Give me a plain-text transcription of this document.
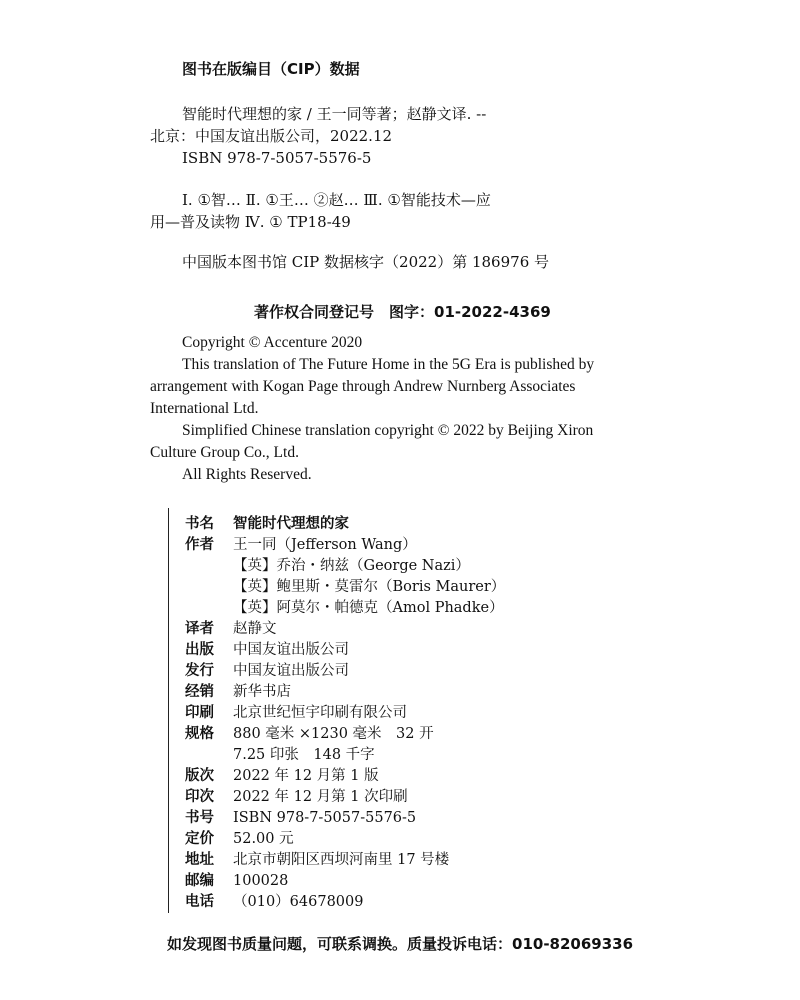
图书在版编目（CIP）数据
智能时代理想的家 / 王一同等著；赵静文译. --
北京：中国友谊出版公司，2022.12
ISBN 978-7-5057-5576-5
Ⅰ. ①智… Ⅱ. ①王… ②赵… Ⅲ. ①智能技术—应
用—普及读物 Ⅳ. ① TP18-49
中国版本图书馆 CIP 数据核字（2022）第 186976 号
著作权合同登记号　图字：01-2022-4369
Copyright © Accenture 2020
This translation of The Future Home in the 5G Era is published by
arrangement with Kogan Page through Andrew Nurnberg Associates
International Ltd.
Simplified Chinese translation copyright © 2022 by Beijing Xiron
Culture Group Co., Ltd.
All Rights Reserved.
书名 智能时代理想的家
作者 王一同（Jefferson Wang）
【英】乔治・纳兹（George Nazi）
【英】鲍里斯・莫雷尔（Boris Maurer）
【英】阿莫尔・帕德克（Amol Phadke）
译者 赵静文
出版 中国友谊出版公司
发行 中国友谊出版公司
经销 新华书店
印刷 北京世纪恒宇印刷有限公司
规格 880 毫米 ×1230 毫米　32 开
7.25 印张　148 千字
版次 2022 年 12 月第 1 版
印次 2022 年 12 月第 1 次印刷
书号 ISBN 978-7-5057-5576-5
定价 52.00 元
地址 北京市朝阳区西坝河南里 17 号楼
邮编 100028
电话 （010）64678009
如发现图书质量问题，可联系调换。质量投诉电话：010-82069336
